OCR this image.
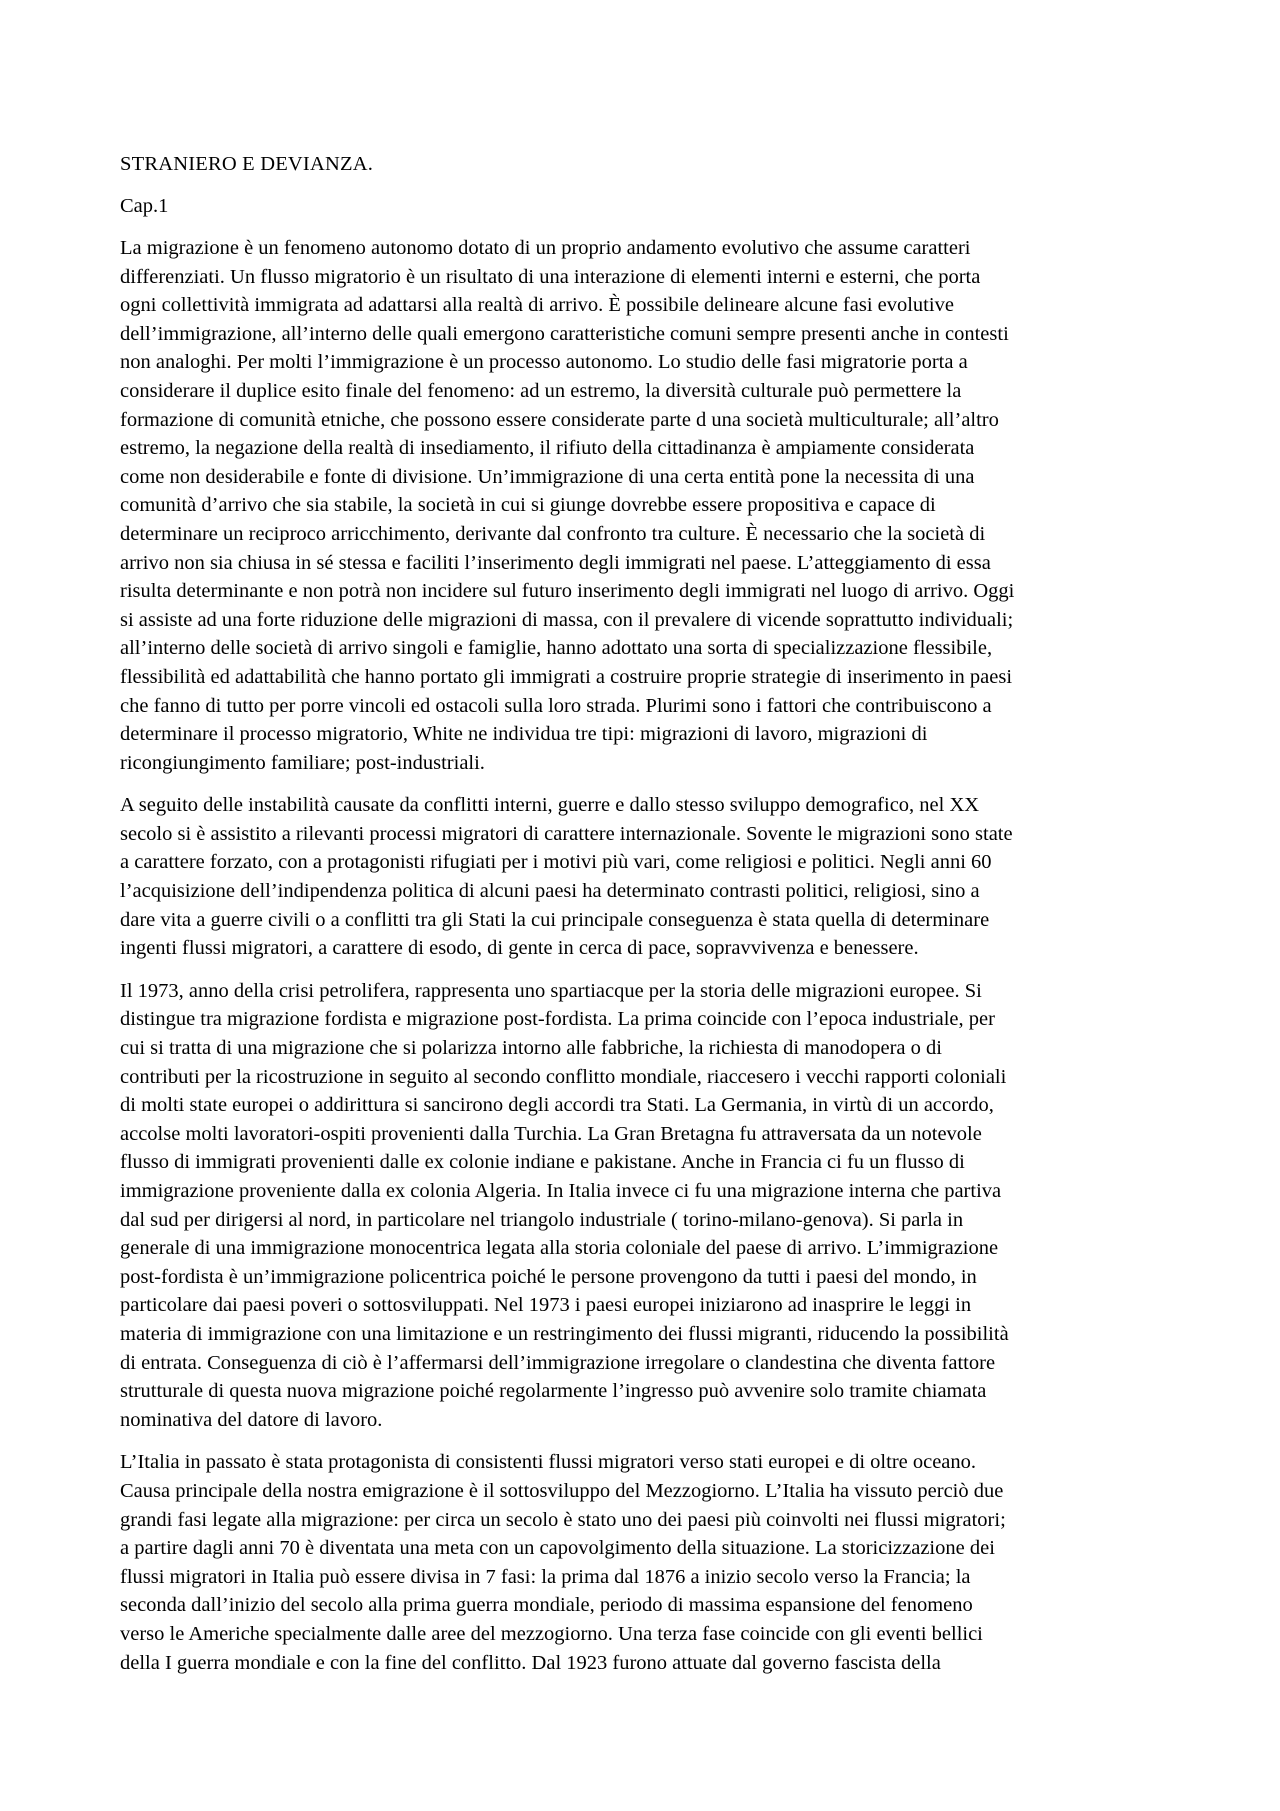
STRANIERO E DEVIANZA.

Cap.1

La migrazione è un fenomeno autonomo dotato di un proprio andamento evolutivo che assume caratteri
differenziati. Un flusso migratorio è un risultato di una interazione di elementi interni e esterni, che porta
ogni collettività immigrata ad adattarsi alla realtà di arrivo. È possibile delineare alcune fasi evolutive
dell’immigrazione, all’interno delle quali emergono caratteristiche comuni sempre presenti anche in contesti
non analoghi. Per molti l’immigrazione è un processo autonomo. Lo studio delle fasi migratorie porta a
considerare il duplice esito finale del fenomeno: ad un estremo, la diversità culturale può permettere la
formazione di comunità etniche, che possono essere considerate parte d una società multiculturale; all’altro
estremo, la negazione della realtà di insediamento, il rifiuto della cittadinanza è ampiamente considerata
come non desiderabile e fonte di divisione. Un’immigrazione di una certa entità pone la necessita di una
comunità d’arrivo che sia stabile, la società in cui si giunge dovrebbe essere propositiva e capace di
determinare un reciproco arricchimento, derivante dal confronto tra culture. È necessario che la società di
arrivo non sia chiusa in sé stessa e faciliti l’inserimento degli immigrati nel paese. L’atteggiamento di essa
risulta determinante e non potrà non incidere sul futuro inserimento degli immigrati nel luogo di arrivo. Oggi
si assiste ad una forte riduzione delle migrazioni di massa, con il prevalere di vicende soprattutto individuali;
all’interno delle società di arrivo singoli e famiglie, hanno adottato una sorta di specializzazione flessibile,
flessibilità ed adattabilità che hanno portato gli immigrati a costruire proprie strategie di inserimento in paesi
che fanno di tutto per porre vincoli ed ostacoli sulla loro strada. Plurimi sono i fattori che contribuiscono a
determinare il processo migratorio, White ne individua tre tipi: migrazioni di lavoro, migrazioni di
ricongiungimento familiare; post-industriali.

A seguito delle instabilità causate da conflitti interni, guerre e dallo stesso sviluppo demografico, nel XX
secolo si è assistito a rilevanti processi migratori di carattere internazionale. Sovente le migrazioni sono state
a carattere forzato, con a protagonisti rifugiati per i motivi più vari, come religiosi e politici. Negli anni 60
l’acquisizione dell’indipendenza politica di alcuni paesi ha determinato contrasti politici, religiosi, sino a
dare vita a guerre civili o a conflitti tra gli Stati la cui principale conseguenza è stata quella di determinare
ingenti flussi migratori, a carattere di esodo, di gente in cerca di pace, sopravvivenza e benessere.

Il 1973, anno della crisi petrolifera, rappresenta uno spartiacque per la storia delle migrazioni europee. Si
distingue tra migrazione fordista e migrazione post-fordista. La prima coincide con l’epoca industriale, per
cui si tratta di una migrazione che si polarizza intorno alle fabbriche, la richiesta di manodopera o di
contributi per la ricostruzione in seguito al secondo conflitto mondiale, riaccesero i vecchi rapporti coloniali
di molti state europei o addirittura si sancirono degli accordi tra Stati. La Germania, in virtù di un accordo,
accolse molti lavoratori-ospiti provenienti dalla Turchia. La Gran Bretagna fu attraversata da un notevole
flusso di immigrati provenienti dalle ex colonie indiane e pakistane. Anche in Francia ci fu un flusso di
immigrazione proveniente dalla ex colonia Algeria. In Italia invece ci fu una migrazione interna che partiva
dal sud per dirigersi al nord, in particolare nel triangolo industriale ( torino-milano-genova). Si parla in
generale di una immigrazione monocentrica legata alla storia coloniale del paese di arrivo. L’immigrazione
post-fordista è un’immigrazione policentrica poiché le persone provengono da tutti i paesi del mondo, in
particolare dai paesi poveri o sottosviluppati. Nel 1973 i paesi europei iniziarono ad inasprire le leggi in
materia di immigrazione con una limitazione e un restringimento dei flussi migranti, riducendo la possibilità
di entrata. Conseguenza di ciò è l’affermarsi dell’immigrazione irregolare o clandestina che diventa fattore
strutturale di questa nuova migrazione poiché regolarmente l’ingresso può avvenire solo tramite chiamata
nominativa del datore di lavoro.

L’Italia in passato è stata protagonista di consistenti flussi migratori verso stati europei e di oltre oceano.
Causa principale della nostra emigrazione è il sottosviluppo del Mezzogiorno. L’Italia ha vissuto perciò due
grandi fasi legate alla migrazione: per circa un secolo è stato uno dei paesi più coinvolti nei flussi migratori;
a partire dagli anni 70 è diventata una meta con un capovolgimento della situazione. La storicizzazione dei
flussi migratori in Italia può essere divisa in 7 fasi: la prima dal 1876 a inizio secolo verso la Francia; la
seconda dall’inizio del secolo alla prima guerra mondiale, periodo di massima espansione del fenomeno
verso le Americhe specialmente dalle aree del mezzogiorno. Una terza fase coincide con gli eventi bellici
della I guerra mondiale e con la fine del conflitto. Dal 1923 furono attuate dal governo fascista della
